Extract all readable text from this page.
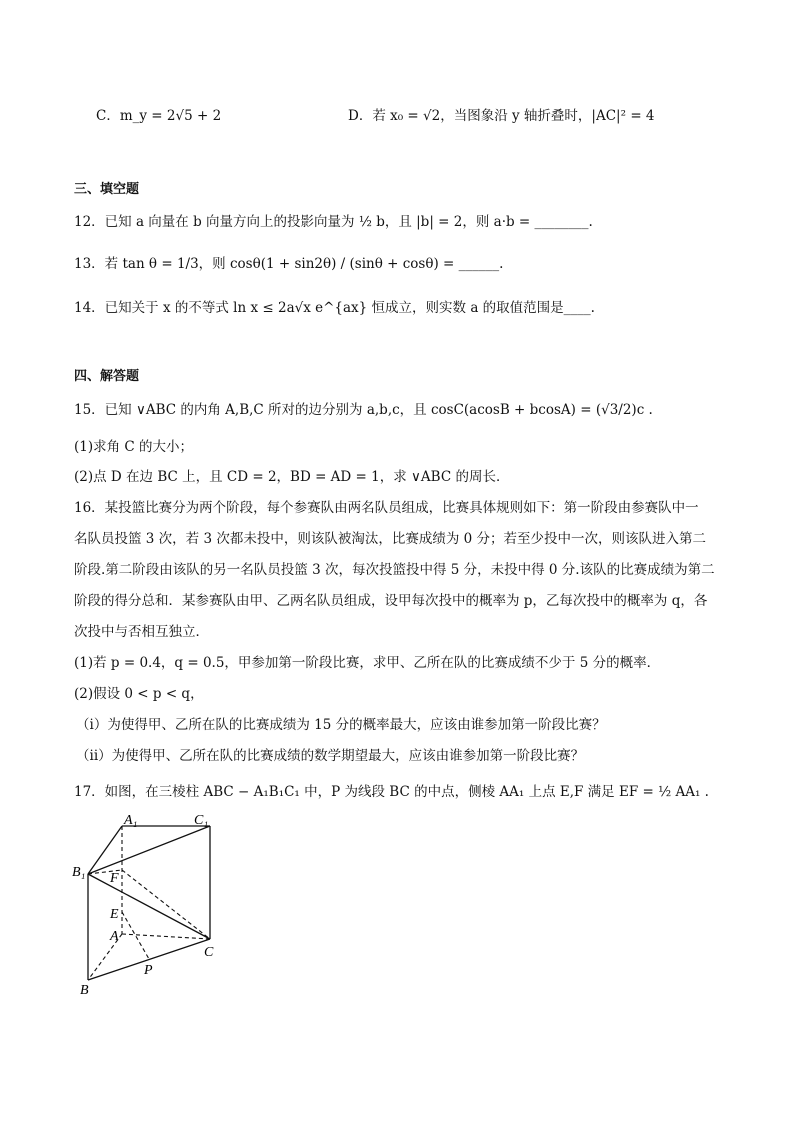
C．m_y = 2√5 + 2	D．若 x₀ = √2，当图象沿 y 轴折叠时，|AC|² = 4
三、填空题
12．已知 a 向量在 b 向量方向上的投影向量为 ½ b，且 |b| = 2，则 a·b = ________.
13．若 tan θ = 1/3，则 cosθ(1 + sin2θ) / (sinθ + cosθ) = ______.
14．已知关于 x 的不等式 ln x ≤ 2a√x e^{ax} 恒成立，则实数 a 的取值范围是____.
四、解答题
15．已知 ∨ABC 的内角 A,B,C 所对的边分别为 a,b,c，且 cosC(acosB + bcosA) = (√3/2)c .
(1)求角 C 的大小；
(2)点 D 在边 BC 上，且 CD = 2，BD = AD = 1，求 ∨ABC 的周长．
16．某投篮比赛分为两个阶段，每个参赛队由两名队员组成，比赛具体规则如下：第一阶段由参赛队中一
名队员投篮 3 次，若 3 次都未投中，则该队被淘汰，比赛成绩为 0 分；若至少投中一次，则该队进入第二
阶段.第二阶段由该队的另一名队员投篮 3 次，每次投篮投中得 5 分，未投中得 0 分.该队的比赛成绩为第二
阶段的得分总和．某参赛队由甲、乙两名队员组成，设甲每次投中的概率为 p，乙每次投中的概率为 q，各
次投中与否相互独立．
(1)若 p = 0.4，q = 0.5，甲参加第一阶段比赛，求甲、乙所在队的比赛成绩不少于 5 分的概率．
(2)假设 0 < p < q，
（i）为使得甲、乙所在队的比赛成绩为 15 分的概率最大，应该由谁参加第一阶段比赛？
（ii）为使得甲、乙所在队的比赛成绩的数学期望最大，应该由谁参加第一阶段比赛？
17．如图，在三棱柱 ABC − A₁B₁C₁ 中，P 为线段 BC 的中点，侧棱 AA₁ 上点 E,F 满足 EF = ½ AA₁ .
A₁	C₁
B₁ F
E
A
C
P
B
